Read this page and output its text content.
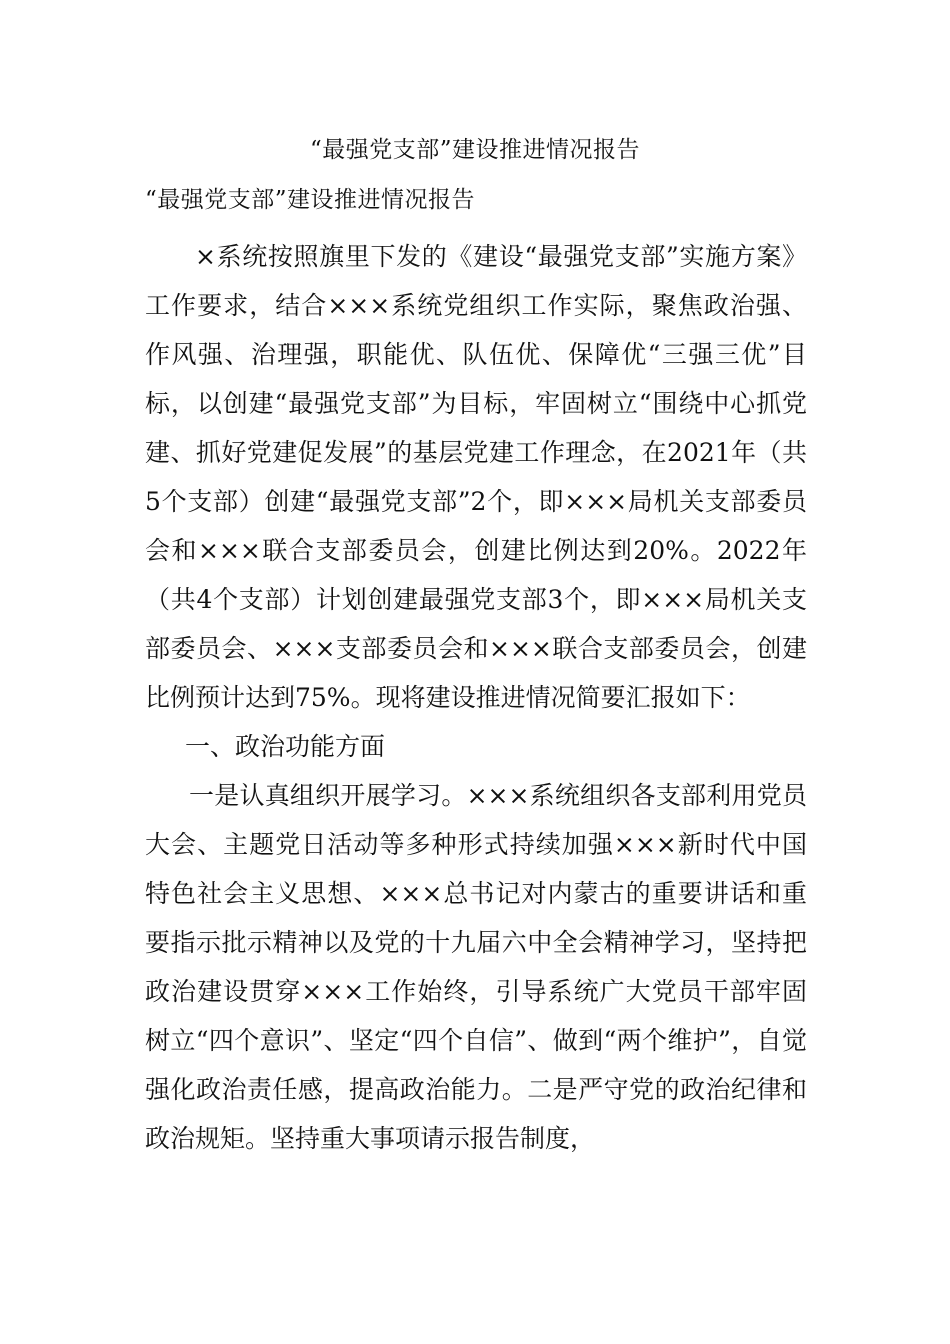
“最强党支部”建设推进情况报告
“最强党支部”建设推进情况报告

×系统按照旗里下发的《建设“最强党支部”实施方案》工作要求，结合×××系统党组织工作实际，聚焦政治强、作风强、治理强，职能优、队伍优、保障优“三强三优”目标，以创建“最强党支部”为目标，牢固树立“围绕中心抓党建、抓好党建促发展”的基层党建工作理念，在2021年（共5个支部）创建“最强党支部”2个，即×××局机关支部委员会和×××联合支部委员会，创建比例达到20%。2022年（共4个支部）计划创建最强党支部3个，即×××局机关支部委员会、×××支部委员会和×××联合支部委员会，创建比例预计达到75%。现将建设推进情况简要汇报如下：

一、政治功能方面

一是认真组织开展学习。×××系统组织各支部利用党员大会、主题党日活动等多种形式持续加强×××新时代中国特色社会主义思想、×××总书记对内蒙古的重要讲话和重要指示批示精神以及党的十九届六中全会精神学习，坚持把政治建设贯穿×××工作始终，引导系统广大党员干部牢固树立“四个意识”、坚定“四个自信”、做到“两个维护”，自觉强化政治责任感，提高政治能力。二是严守党的政治纪律和政治规矩。坚持重大事项请示报告制度，
